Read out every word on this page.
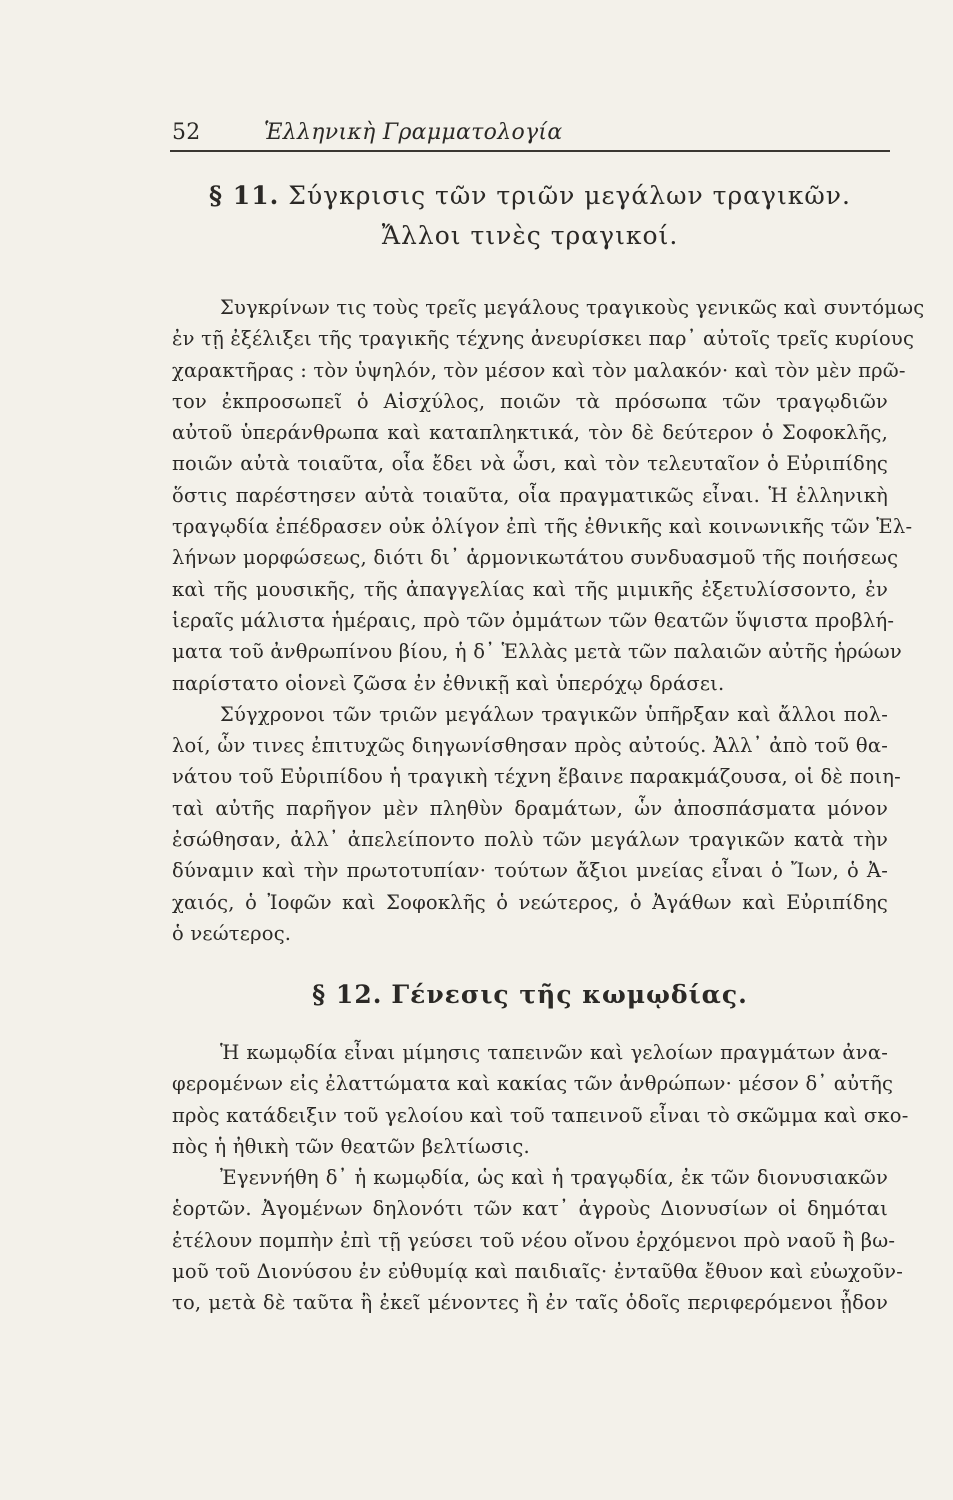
52	Ἑλληνικὴ Γραμματολογία
§ 11. Σύγκρισις τῶν τριῶν μεγάλων τραγικῶν.
Ἄλλοι τινὲς τραγικοί.
Συγκρίνων τις τοὺς τρεῖς μεγάλους τραγικοὺς γενικῶς καὶ συντόμως
ἐν τῇ ἐξέλιξει τῆς τραγικῆς τέχνης ἀνευρίσκει παρ᾿ αὐτοῖς τρεῖς κυρίους
χαρακτῆρας : τὸν ὑψηλόν, τὸν μέσον καὶ τὸν μαλακόν· καὶ τὸν μὲν πρῶ-
τον ἐκπροσωπεῖ ὁ Αἰσχύλος, ποιῶν τὰ πρόσωπα τῶν τραγῳδιῶν
αὐτοῦ ὑπεράνθρωπα καὶ καταπληκτικά, τὸν δὲ δεύτερον ὁ Σοφοκλῆς,
ποιῶν αὐτὰ τοιαῦτα, οἷα ἔδει νὰ ὦσι, καὶ τὸν τελευταῖον ὁ Εὐριπίδης
ὅστις παρέστησεν αὐτὰ τοιαῦτα, οἷα πραγματικῶς εἶναι. Ἡ ἑλληνικὴ
τραγῳδία ἐπέδρασεν οὐκ ὀλίγον ἐπὶ τῆς ἐθνικῆς καὶ κοινωνικῆς τῶν Ἑλ-
λήνων μορφώσεως, διότι δι᾿ ἁρμονικωτάτου συνδυασμοῦ τῆς ποιήσεως
καὶ τῆς μουσικῆς, τῆς ἀπαγγελίας καὶ τῆς μιμικῆς ἐξετυλίσσοντο, ἐν
ἱεραῖς μάλιστα ἡμέραις, πρὸ τῶν ὀμμάτων τῶν θεατῶν ὕψιστα προβλή-
ματα τοῦ ἀνθρωπίνου βίου, ἡ δ᾿ Ἑλλὰς μετὰ τῶν παλαιῶν αὐτῆς ἡρώων
παρίστατο οἱονεὶ ζῶσα ἐν ἐθνικῇ καὶ ὑπερόχῳ δράσει.
Σύγχρονοι τῶν τριῶν μεγάλων τραγικῶν ὑπῆρξαν καὶ ἄλλοι πολ-
λοί, ὧν τινες ἐπιτυχῶς διηγωνίσθησαν πρὸς αὐτούς. Ἀλλ᾿ ἀπὸ τοῦ θα-
νάτου τοῦ Εὐριπίδου ἡ τραγικὴ τέχνη ἔβαινε παρακμάζουσα, οἱ δὲ ποιη-
ταὶ αὐτῆς παρῆγον μὲν πληθὺν δραμάτων, ὧν ἀποσπάσματα μόνον
ἐσώθησαν, ἀλλ᾿ ἀπελείποντο πολὺ τῶν μεγάλων τραγικῶν κατὰ τὴν
δύναμιν καὶ τὴν πρωτοτυπίαν· τούτων ἄξιοι μνείας εἶναι ὁ Ἴων, ὁ Ἀ-
χαιός, ὁ Ἰοφῶν καὶ Σοφοκλῆς ὁ νεώτερος, ὁ Ἀγάθων καὶ Εὐριπίδης
ὁ νεώτερος.
§ 12. Γένεσις τῆς κωμῳδίας.
Ἡ κωμῳδία εἶναι μίμησις ταπεινῶν καὶ γελοίων πραγμάτων ἀνα-
φερομένων εἰς ἐλαττώματα καὶ κακίας τῶν ἀνθρώπων· μέσον δ᾿ αὐτῆς
πρὸς κατάδειξιν τοῦ γελοίου καὶ τοῦ ταπεινοῦ εἶναι τὸ σκῶμμα καὶ σκο-
πὸς ἡ ἠθικὴ τῶν θεατῶν βελτίωσις.
Ἐγεννήθη δ᾿ ἡ κωμῳδία, ὡς καὶ ἡ τραγῳδία, ἐκ τῶν διονυσιακῶν
ἑορτῶν. Ἀγομένων δηλονότι τῶν κατ᾿ ἀγροὺς Διονυσίων οἱ δημόται
ἐτέλουν πομπὴν ἐπὶ τῇ γεύσει τοῦ νέου οἴνου ἐρχόμενοι πρὸ ναοῦ ἢ βω-
μοῦ τοῦ Διονύσου ἐν εὐθυμίᾳ καὶ παιδιαῖς· ἐνταῦθα ἔθυον καὶ εὐωχοῦν-
το, μετὰ δὲ ταῦτα ἢ ἐκεῖ μένοντες ἢ ἐν ταῖς ὁδοῖς περιφερόμενοι ᾖδον
